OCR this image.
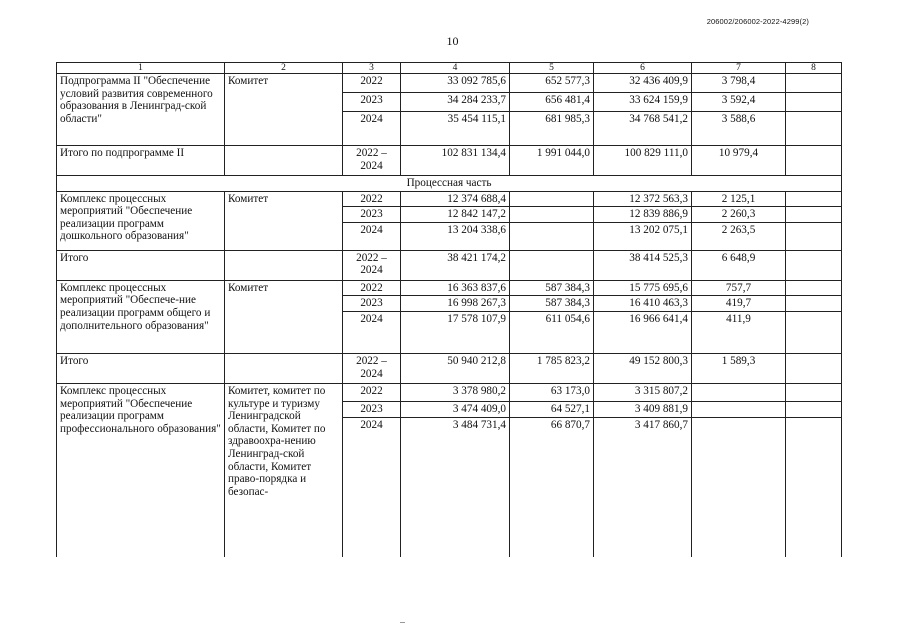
206002/206002-2022-4299(2)
10
1	2	3	4	5	6	7	8
Подпрограмма II "Обеспечение условий развития современного образования в Ленинград-ской области"	Комитет	2022	33 092 785,6	652 577,3	32 436 409,9	3 798,4	
		2023	34 284 233,7	656 481,4	33 624 159,9	3 592,4	
		2024	35 454 115,1	681 985,3	34 768 541,2	3 588,6	
Итого по подпрограмме II		2022 – 2024	102 831 134,4	1 991 044,0	100 829 111,0	10 979,4	
Процессная часть							
Комплекс процессных мероприятий "Обеспечение реализации программ дошкольного образования"	Комитет	2022	12 374 688,4		12 372 563,3	2 125,1	
		2023	12 842 147,2		12 839 886,9	2 260,3	
		2024	13 204 338,6		13 202 075,1	2 263,5	
Итого		2022 – 2024	38 421 174,2		38 414 525,3	6 648,9	
Комплекс процессных мероприятий "Обеспече-ние реализации программ общего и дополнительного образования"	Комитет	2022	16 363 837,6	587 384,3	15 775 695,6	757,7	
		2023	16 998 267,3	587 384,3	16 410 463,3	419,7	
		2024	17 578 107,9	611 054,6	16 966 641,4	411,9	
Итого		2022 – 2024	50 940 212,8	1 785 823,2	49 152 800,3	1 589,3	
Комплекс процессных мероприятий "Обеспечение реализации программ профессионального образования"	Комитет, комитет по культуре и туризму Ленинградской области, Комитет по здравоохра-нению Ленинград-ской области, Комитет право-порядка и безопас-	2022	3 378 980,2	63 173,0	3 315 807,2		
		2023	3 474 409,0	64 527,1	3 409 881,9		
		2024	3 484 731,4	66 870,7	3 417 860,7		
